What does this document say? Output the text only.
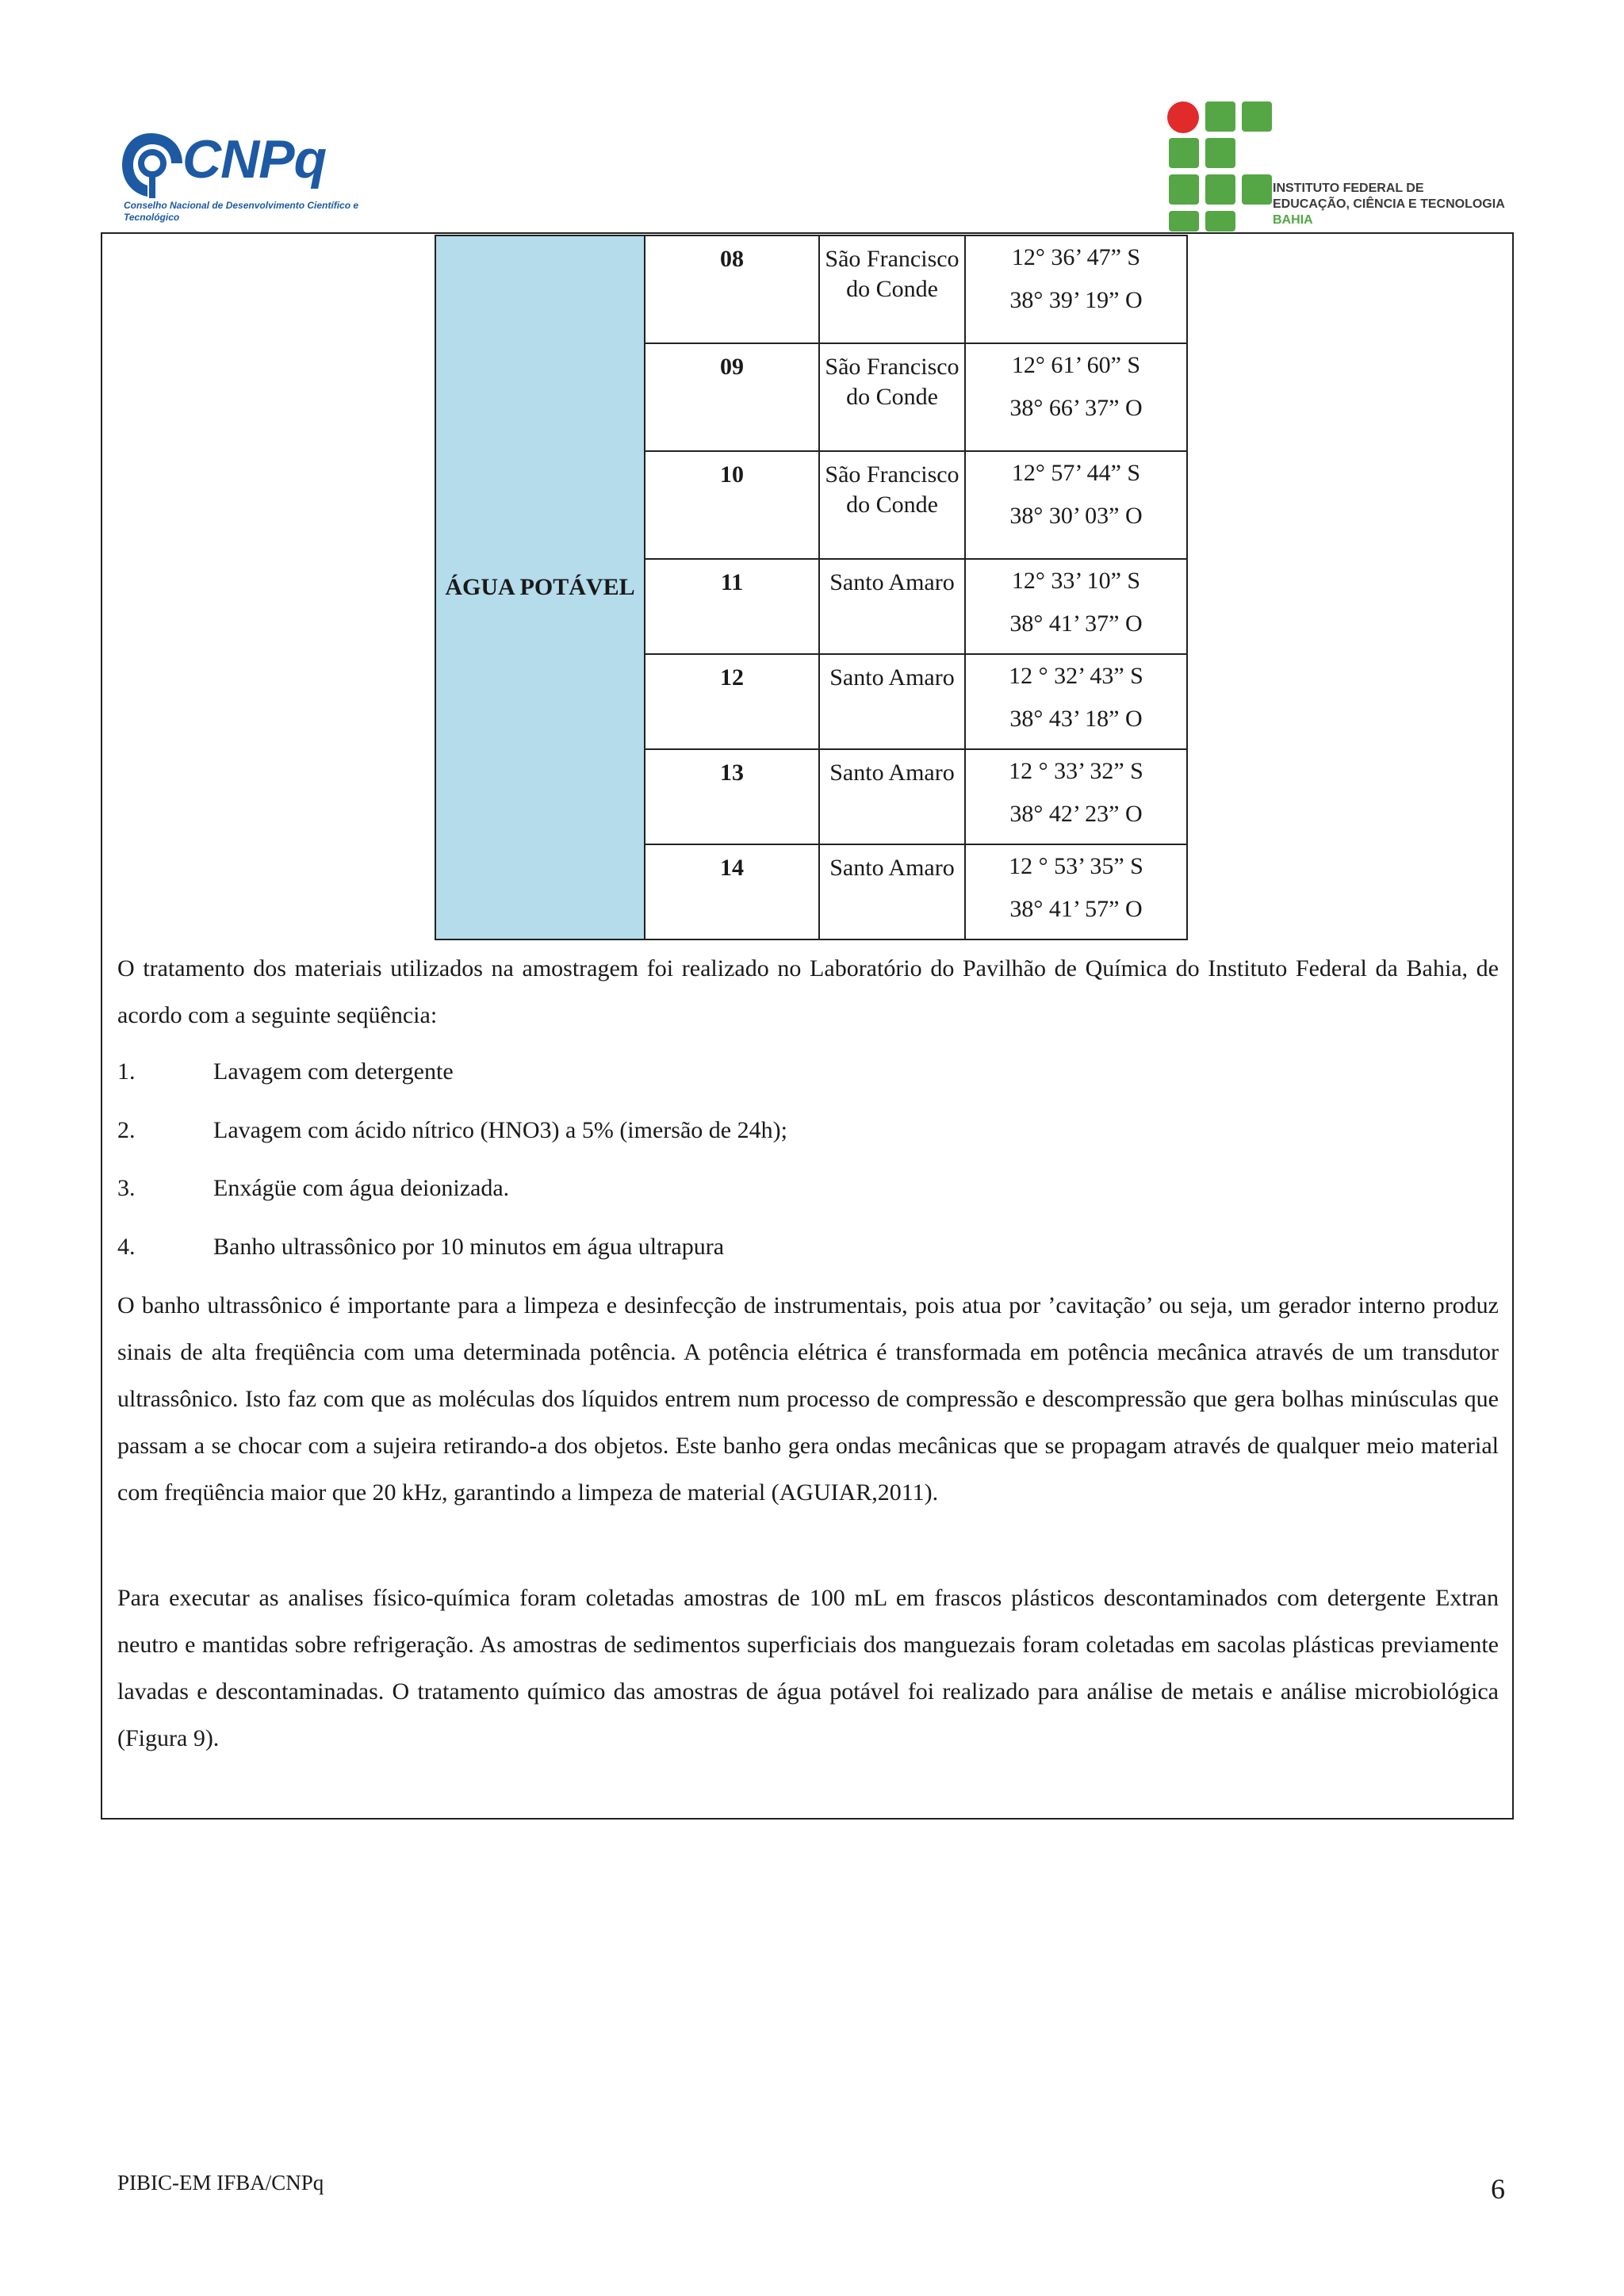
CNPq
Conselho Nacional de Desenvolvimento Científico e Tecnológico
INSTITUTO FEDERAL DE
EDUCAÇÃO, CIÊNCIA E TECNOLOGIA
BAHIA
ÁGUA POTÁVEL	08	São Francisco do Conde	12° 36’ 47” S
38° 39’ 19” O

	09	São Francisco do Conde	12° 61’ 60” S
38° 66’ 37” O

	10	São Francisco do Conde	12° 57’ 44” S
38° 30’ 03” O

	11	Santo Amaro	12° 33’ 10” S
38° 41’ 37” O

	12	Santo Amaro	12 ° 32’ 43” S
38° 43’ 18” O

	13	Santo Amaro	12 ° 33’ 32” S
38° 42’ 23” O

	14	Santo Amaro	12 ° 53’ 35” S
38° 41’ 57” O

O tratamento dos materiais utilizados na amostragem foi realizado no Laboratório do Pavilhão de Química do Instituto Federal da Bahia, de acordo com a seguinte seqüência:

1.	Lavagem com detergente
2.	Lavagem com ácido nítrico (HNO3) a 5% (imersão de 24h);
3.	Enxágüe com água deionizada.
4.	Banho ultrassônico por 10 minutos em água ultrapura

O banho ultrassônico é importante para a limpeza e desinfecção de instrumentais, pois atua por ’cavitação’ ou seja, um gerador interno produz sinais de alta freqüência com uma determinada potência. A potência elétrica é transformada em potência mecânica através de um transdutor ultrassônico. Isto faz com que as moléculas dos líquidos entrem num processo de compressão e descompressão que gera bolhas minúsculas que passam a se chocar com a sujeira retirando-a dos objetos. Este banho gera ondas mecânicas que se propagam através de qualquer meio material com freqüência maior que 20 kHz, garantindo a limpeza de material (AGUIAR,2011).

Para executar as analises físico-química foram coletadas amostras de 100 mL em frascos plásticos descontaminados com detergente Extran neutro e mantidas sobre refrigeração. As amostras de sedimentos superficiais dos manguezais foram coletadas em sacolas plásticas previamente lavadas e descontaminadas. O tratamento químico das amostras de água potável foi realizado para análise de metais e análise microbiológica (Figura 9).

PIBIC-EM IFBA/CNPq	6
